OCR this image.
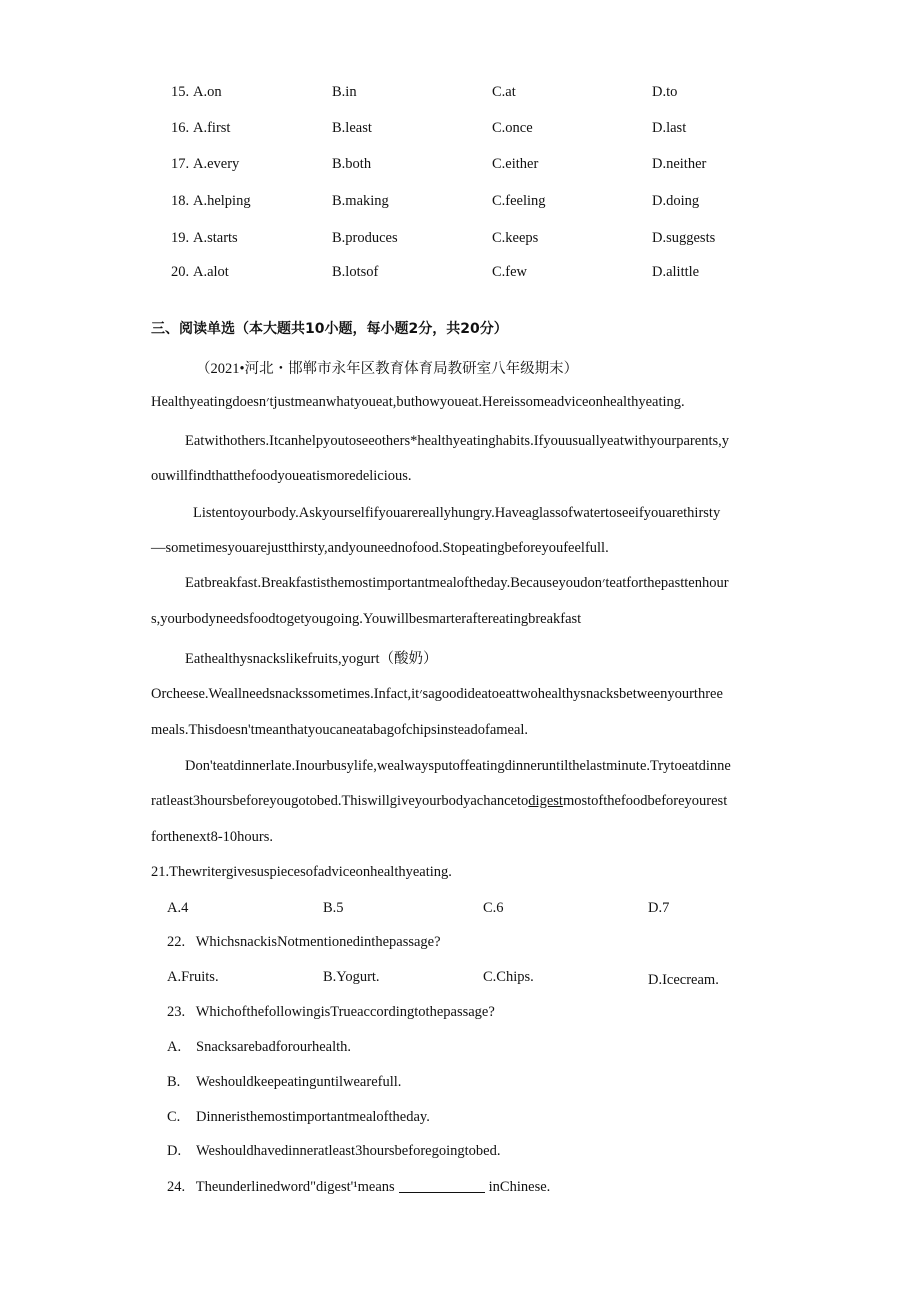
15. A.on	B.in	C.at	D.to
16. A.first	B.least	C.once	D.last
17. A.every	B.both	C.either	D.neither
18. A.helping	B.making	C.feeling	D.doing
19. A.starts	B.produces	C.keeps	D.suggests
20. A.alot	B.lotsof	C.few	D.alittle
三、阅读单选（本大题共10小题，每小题2分，共20分）
（2021•河北・邯郸市永年区教育体育局教研室八年级期末）
Healthyeatingdoesn׳tjustmeanwhatyoueat,buthowyoueat.Hereissomeadviceonhealthyeating.
Eatwithothers.Itcanhelpyoutoseeothers*healthyeatinghabits.Ifyouusuallyeatwithyourparents,y
ouwillfindthatthefoodyoueatismoredelicious.
Listentoyourbody.Askyourselfifyouarereallyhungry.Haveaglassofwatertoseeifyouarethirsty
—sometimesyouarejustthirsty,andyouneednofood.Stopeatingbeforeyoufeelfull.
Eatbreakfast.Breakfastisthemostimportantmealoftheday.Becauseyoudon׳teatforthepasttenhour
s,yourbodyneedsfoodtogetyougoing.Youwillbesmarteraftereatingbreakfast
Eathealthysnackslikefruits,yogurt（酸奶）
Orcheese.Weallneedsnackssometimes.Infact,it׳sagoodideatoeattwohealthysnacksbetweenyourthree
meals.Thisdoesn'tmeanthatyoucaneatabagofchipsinsteadofameal.
Don'teatdinnerlate.Inourbusylife,wealwaysputoffeatingdinneruntilthelastminute.Trytoeatdinne
ratleast3hoursbeforeyougotobed.Thiswillgiveyourbodyachancetodigestmostofthefoodbeforeyourest
forthenext8-10hours.
21.Thewritergivesuspiecesofadviceonhealthyeating.
A.4	B.5	C.6	D.7
22.   WhichsnackisNotmentionedinthepassage?
A.Fruits.	B.Yogurt.	C.Chips.	D.Icecream.
23.   WhichofthefollowingisTrueaccordingtothepassage?
A. Snacksarebadforourhealth.
B. Weshouldkeepeatinguntilwearefull.
C. Dinneristhemostimportantmealoftheday.
D. Weshouldhavedinneratleast3hoursbeforegoingtobed.
24.   Theunderlinedword"digest'¹means	inChinese.
